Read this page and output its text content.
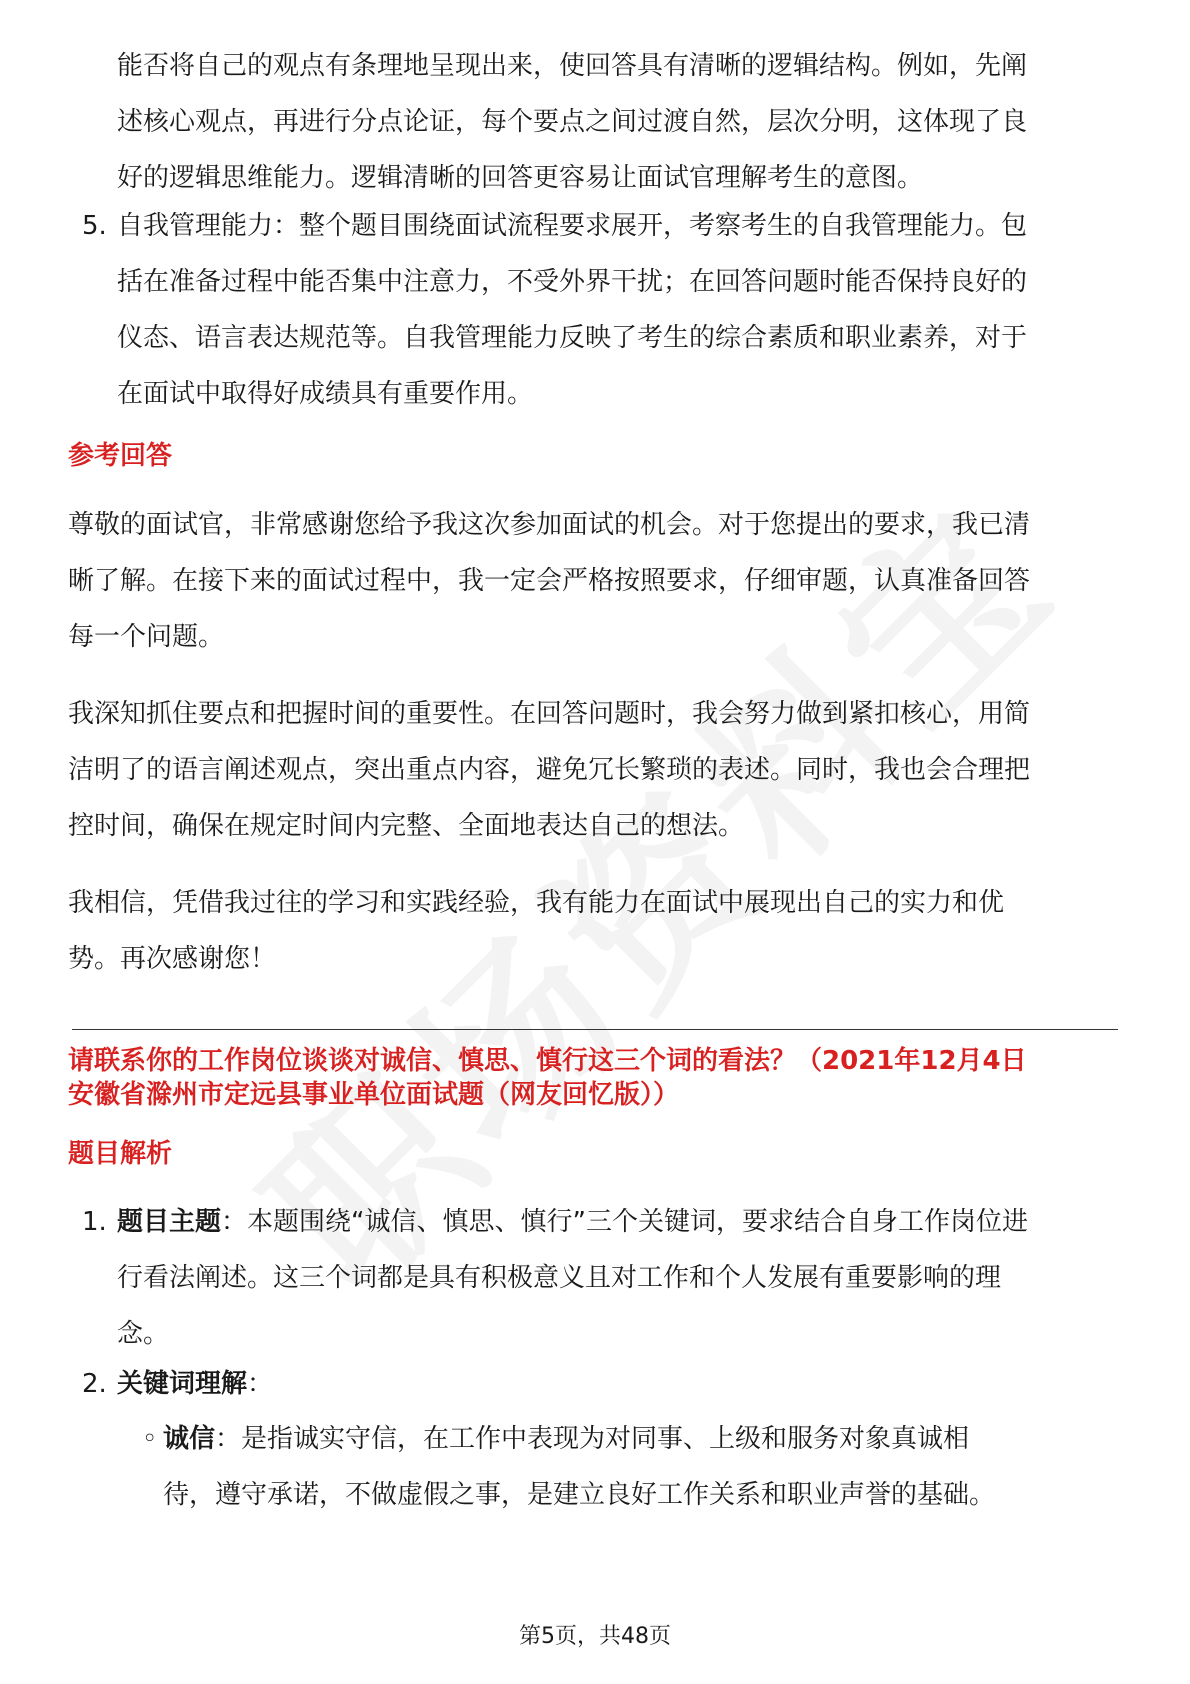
能否将自己的观点有条理地呈现出来，使回答具有清晰的逻辑结构。例如，先阐述核心观点，再进行分点论证，每个要点之间过渡自然，层次分明，这体现了良好的逻辑思维能力。逻辑清晰的回答更容易让面试官理解考生的意图。

5. 自我管理能力：整个题目围绕面试流程要求展开，考察考生的自我管理能力。包括在准备过程中能否集中注意力，不受外界干扰；在回答问题时能否保持良好的仪态、语言表达规范等。自我管理能力反映了考生的综合素质和职业素养，对于在面试中取得好成绩具有重要作用。

参考回答

尊敬的面试官，非常感谢您给予我这次参加面试的机会。对于您提出的要求，我已清晰了解。在接下来的面试过程中，我一定会严格按照要求，仔细审题，认真准备回答每一个问题。

我深知抓住要点和把握时间的重要性。在回答问题时，我会努力做到紧扣核心，用简洁明了的语言阐述观点，突出重点内容，避免冗长繁琐的表述。同时，我也会合理把控时间，确保在规定时间内完整、全面地表达自己的想法。

我相信，凭借我过往的学习和实践经验，我有能力在面试中展现出自己的实力和优势。再次感谢您！

请联系你的工作岗位谈谈对诚信、慎思、慎行这三个词的看法？（2021年12月4日安徽省滁州市定远县事业单位面试题（网友回忆版））

题目解析

1. 题目主题：本题围绕“诚信、慎思、慎行”三个关键词，要求结合自身工作岗位进行看法阐述。这三个词都是具有积极意义且对工作和个人发展有重要影响的理念。

2. 关键词理解：

◦ 诚信：是指诚实守信，在工作中表现为对同事、上级和服务对象真诚相待，遵守承诺，不做虚假之事，是建立良好工作关系和职业声誉的基础。

第5页，共48页
